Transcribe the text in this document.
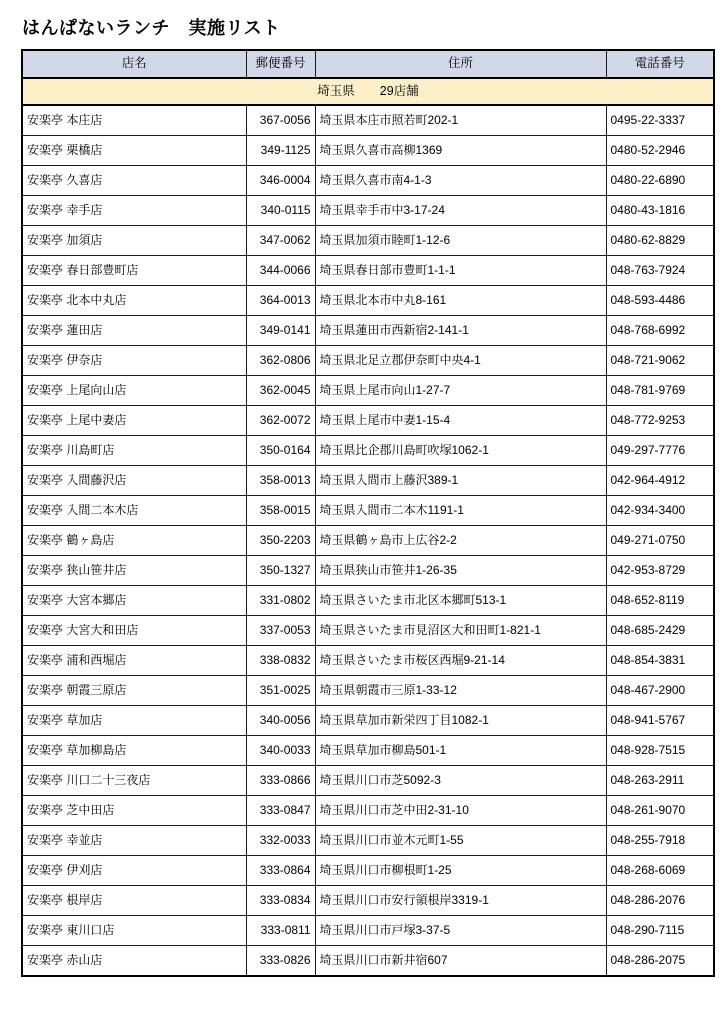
はんぱないランチ　実施リスト
店名	郵便番号	住所	電話番号
埼玉県　　29店舗			
安楽亭 本庄店	367-0056	埼玉県本庄市照若町202-1	0495-22-3337
安楽亭 栗橋店	349-1125	埼玉県久喜市高柳1369	0480-52-2946
安楽亭 久喜店	346-0004	埼玉県久喜市南4-1-3	0480-22-6890
安楽亭 幸手店	340-0115	埼玉県幸手市中3-17-24	0480-43-1816
安楽亭 加須店	347-0062	埼玉県加須市睦町1-12-6	0480-62-8829
安楽亭 春日部豊町店	344-0066	埼玉県春日部市豊町1-1-1	048-763-7924
安楽亭 北本中丸店	364-0013	埼玉県北本市中丸8-161	048-593-4486
安楽亭 蓮田店	349-0141	埼玉県蓮田市西新宿2-141-1	048-768-6992
安楽亭 伊奈店	362-0806	埼玉県北足立郡伊奈町中央4-1	048-721-9062
安楽亭 上尾向山店	362-0045	埼玉県上尾市向山1-27-7	048-781-9769
安楽亭 上尾中妻店	362-0072	埼玉県上尾市中妻1-15-4	048-772-9253
安楽亭 川島町店	350-0164	埼玉県比企郡川島町吹塚1062-1	049-297-7776
安楽亭 入間藤沢店	358-0013	埼玉県入間市上藤沢389-1	042-964-4912
安楽亭 入間二本木店	358-0015	埼玉県入間市二本木1191-1	042-934-3400
安楽亭 鶴ヶ島店	350-2203	埼玉県鶴ヶ島市上広谷2-2	049-271-0750
安楽亭 狭山笹井店	350-1327	埼玉県狭山市笹井1-26-35	042-953-8729
安楽亭 大宮本郷店	331-0802	埼玉県さいたま市北区本郷町513-1	048-652-8119
安楽亭 大宮大和田店	337-0053	埼玉県さいたま市見沼区大和田町1-821-1	048-685-2429
安楽亭 浦和西堀店	338-0832	埼玉県さいたま市桜区西堀9-21-14	048-854-3831
安楽亭 朝霞三原店	351-0025	埼玉県朝霞市三原1-33-12	048-467-2900
安楽亭 草加店	340-0056	埼玉県草加市新栄四丁目1082-1	048-941-5767
安楽亭 草加柳島店	340-0033	埼玉県草加市柳島501-1	048-928-7515
安楽亭 川口二十三夜店	333-0866	埼玉県川口市芝5092-3	048-263-2911
安楽亭 芝中田店	333-0847	埼玉県川口市芝中田2-31-10	048-261-9070
安楽亭 幸並店	332-0033	埼玉県川口市並木元町1-55	048-255-7918
安楽亭 伊刈店	333-0864	埼玉県川口市柳根町1-25	048-268-6069
安楽亭 根岸店	333-0834	埼玉県川口市安行領根岸3319-1	048-286-2076
安楽亭 東川口店	333-0811	埼玉県川口市戸塚3-37-5	048-290-7115
安楽亭 赤山店	333-0826	埼玉県川口市新井宿607	048-286-2075
